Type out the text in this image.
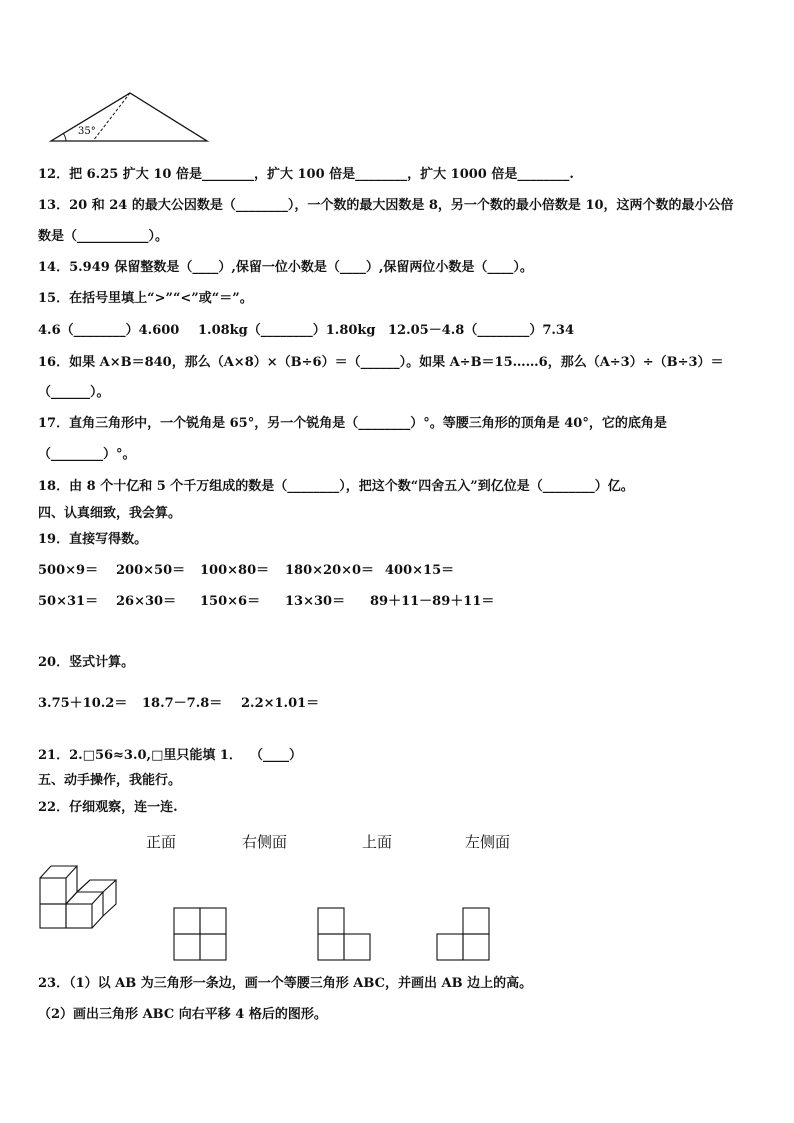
35°
12．把 6.25 扩大 10 倍是________，扩大 100 倍是________，扩大 1000 倍是________.
13．20 和 24 的最大公因数是（________），一个数的最大因数是 8，另一个数的最小倍数是 10，这两个数的最小公倍
数是（___________）。
14．5.949 保留整数是（____）,保留一位小数是（____）,保留两位小数是（____）。
15．在括号里填上“>”“<”或“＝”。
4.6（________）4.600 1.08kg（________）1.80kg 12.05－4.8（________）7.34
16．如果 A×B＝840，那么（A×8）×（B÷6）＝（______）。如果 A÷B＝15……6，那么（A÷3）÷（B÷3）＝
（______）。
17．直角三角形中，一个锐角是 65°，另一个锐角是（________）°。等腰三角形的顶角是 40°，它的底角是
（________）°。
18．由 8 个十亿和 5 个千万组成的数是（________），把这个数“四舍五入”到亿位是（________）亿。
四、认真细致，我会算。
19．直接写得数。
500×9＝ 200×50＝ 100×80＝ 180×20×0＝ 400×15＝
50×31＝ 26×30＝ 150×6＝ 13×30＝ 89＋11－89＋11＝
20．竖式计算。
3.75＋10.2＝ 18.7－7.8＝ 2.2×1.01＝
21．2.□56≈3.0,□里只能填 1． （____）
五、动手操作，我能行。
22．仔细观察，连一连.
正面	右侧面	上面	左侧面
23．（1）以 AB 为三角形一条边，画一个等腰三角形 ABC，并画出 AB 边上的高。
（2）画出三角形 ABC 向右平移 4 格后的图形。
